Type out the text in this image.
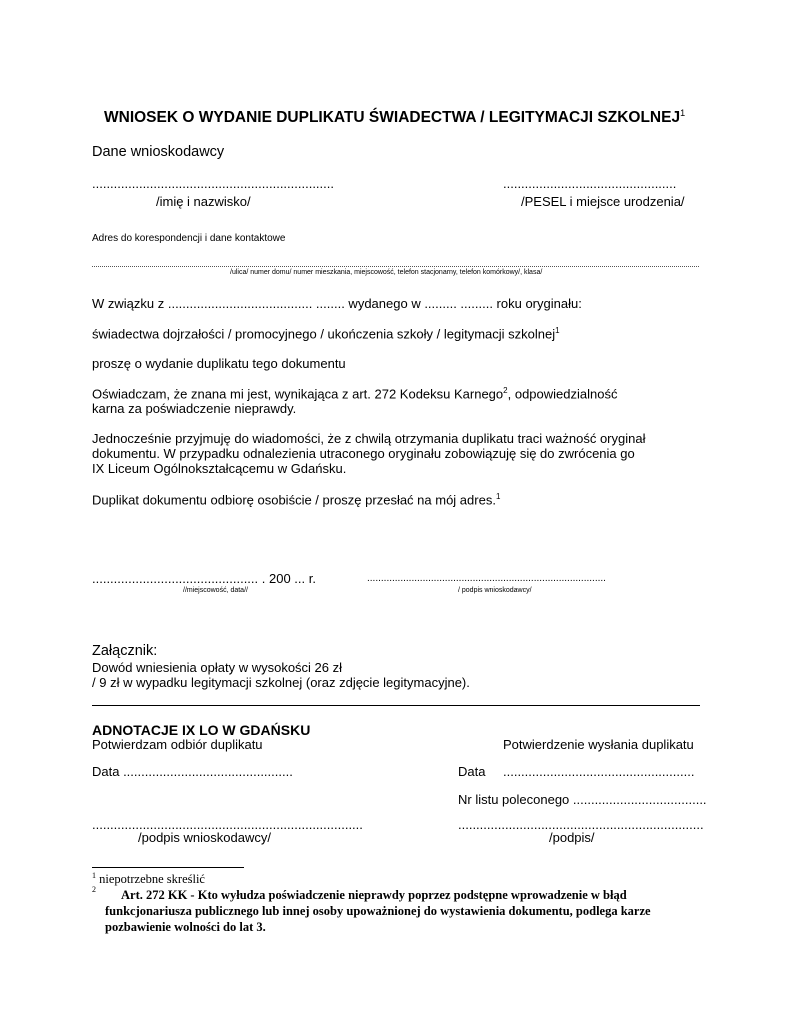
WNIOSEK O WYDANIE DUPLIKATU ŚWIADECTWA / LEGITYMACJI SZKOLNEJ$^1$
Dane wnioskodawcy
...................................................................
/imię i nazwisko/
................................................
/PESEL i miejsce urodzenia/
Adres do korespondencji i dane kontaktowe
/ulica/ numer domu/ numer mieszkania, miejscowość, telefon stacjonarny, telefon komórkowy/, klasa/
W związku z ........................................ ........ wydanego w ......... ......... roku oryginału:
świadectwa dojrzałości / promocyjnego / ukończenia szkoły / legitymacji szkolnej$^1$
proszę o wydanie duplikatu tego dokumentu
Oświadczam, że znana mi jest, wynikająca z art. 272 Kodeksu Karnego$^2$, odpowiedzialność
karna za poświadczenie nieprawdy.
Jednocześnie przyjmuję do wiadomości, że z chwilą otrzymania duplikatu traci ważność oryginał
dokumentu. W przypadku odnalezienia utraconego oryginału zobowiązuję się do zwrócenia go
IX Liceum Ogólnokształcącemu w Gdańsku.
Duplikat dokumentu odbiorę osobiście / proszę przesłać na mój adres.$^1$
.............................................. . 200 ... r.
//miejscowość, data//
......................................................................................
/ podpis wnioskodawcy/
Załącznik:
Dowód wniesienia opłaty w wysokości 26 zł
/ 9 zł w wypadku legitymacji szkolnej (oraz zdjęcie legitymacyjne).
ADNOTACJE IX LO W GDAŃSKU
Potwierdzam odbiór duplikatu	Potwierdzenie wysłania duplikatu
Data ...............................................	Data .....................................................
Nr listu poleconego .....................................
...........................................................................
/podpis wnioskodawcy/
....................................................................
/podpis/
$^1$ niepotrzebne skreślić
$^2$	Art. 272 KK - Kto wyłudza poświadczenie nieprawdy poprzez podstępne wprowadzenie w błąd funkcjonariusza publicznego lub innej osoby upoważnionej do wystawienia dokumentu, podlega karze pozbawienie wolności do lat 3.
